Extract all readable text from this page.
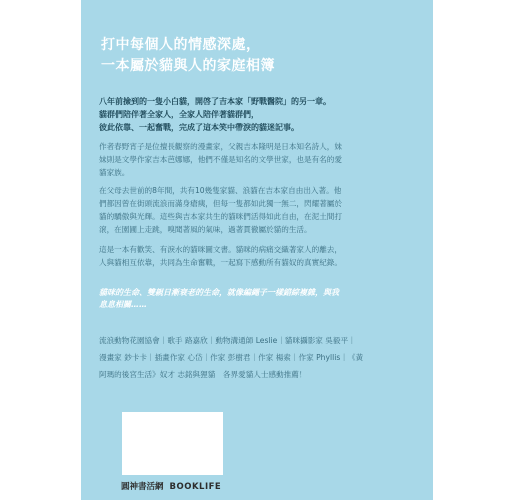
打中每個人的情感深處，
一本屬於貓與人的家庭相簿
八年前撿到的一隻小白貓，開啓了吉本家「野戰醫院」的另一章。
貓群們陪伴著全家人，全家人陪伴著貓群們，
彼此依靠、一起奮戰，完成了這本笑中帶淚的貓迷記事。
作者春野宵子是位擅長觀察的漫畫家，父親吉本隆明是日本知名詩人，妹
妹則是文學作家吉本芭娜娜，他們不僅是知名的文學世家，也是有名的愛
貓家族。
在父母去世前的8年間，共有10幾隻家貓、浪貓在吉本家自由出入著。他
們都因曾在街頭流浪而滿身瘡痍，但每一隻都如此獨一無二，閃耀著屬於
貓的驕傲與光輝。這些與吉本家共生的貓咪們活得如此自由，在泥土間打
滾，在園圃上走跳，嗅聞著風的氣味，過著貫徹屬於貓的生活。
這是一本有歡笑、有淚水的貓咪圖文書。貓咪的病痛交織著家人的離去，
人與貓相互依靠，共同為生命奮戰，一起寫下感動所有貓奴的真實紀錄。
貓咪的生命、雙親日漸衰老的生命，就像編繩子一樣錯綜複雜，與我
息息相關……
流浪動物花園協會｜歌手 路嘉欣｜動物溝通師 Leslie｜貓咪攝影家 吳毅平｜
漫畫家 鈔卡卡｜插畫作家 心岱｜作家 彭樹君｜作家 楊索｜作家 Phyllis｜《黃
阿瑪的後宮生活》奴才 志銘與狸貓　各界愛貓人士感動推薦！
圓神書活網 BOOKLIFE
